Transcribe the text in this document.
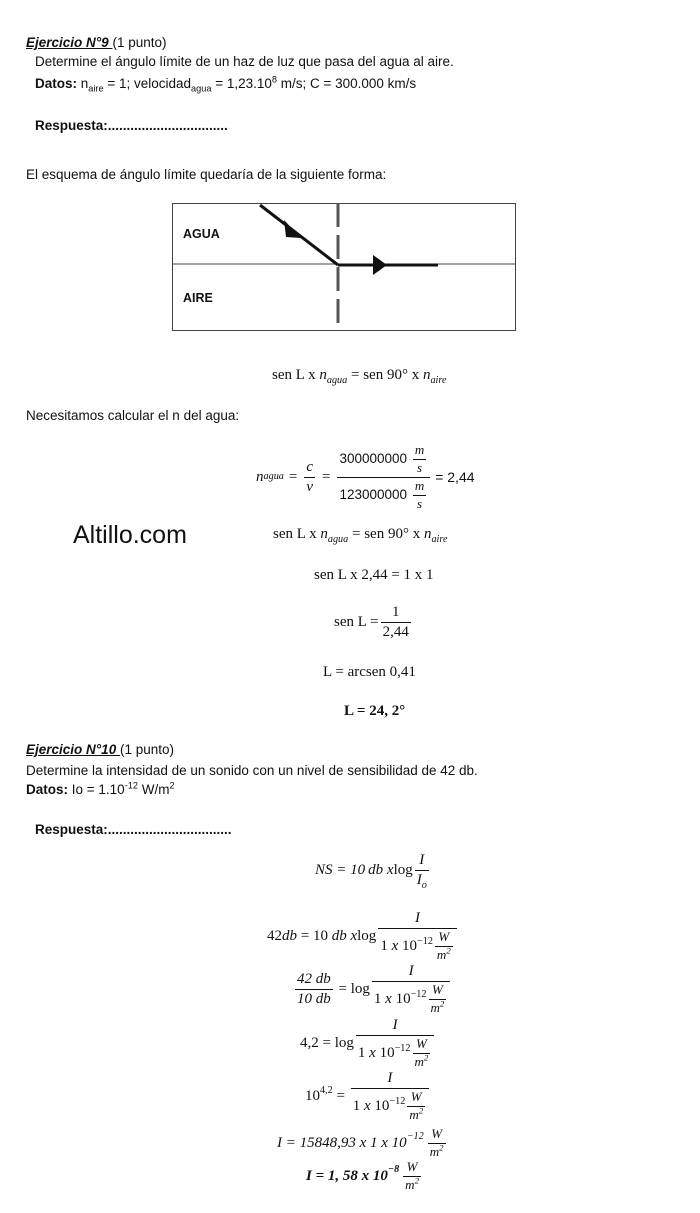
Ejercicio N°9 (1 punto)
Determine el ángulo límite de un haz de luz que pasa del agua al aire.
Datos: $n_{aire} = 1$; velocidad$_{agua}$ = $1,23.10^8$ m/s; C = 300.000 km/s
Respuesta:................................
El esquema de ángulo límite quedaría de la siguiente forma:
AGUA
AIRE
sen L x $n_{agua}$ = sen 90° x $n_{aire}$
Necesitamos calcular el n del agua:
n agua = $\frac{c}{v} = \frac{300000000 \frac{m}{s}}{123000000 \frac{m}{s}} = 2,44$
Altillo.com	sen L x $n_{agua}$ = sen 90° x $n_{aire}$
sen L x 2,44 = 1 x 1
sen $L = \frac{1}{2,44}$
L = arcsen 0,41
L = 24, 2°
Ejercicio N°10 (1 punto)
Determine la intensidad de un sonido con un nivel de sensibilidad de 42 db.
Datos: $Io = 1.10^{-12}$ $W/m^2$
Respuesta:.................................
NS = 10 db x $\log \frac{I}{I_o}$
42 db = 10 db x $\log \frac{I}{1 x 10^{-12} \frac{W}{m^2}}$
$\frac{42 db}{10 db} = \log \frac{I}{1 x 10^{-12} \frac{W}{m^2}}$
$4,2 = \log \frac{I}{1 x 10^{-12} \frac{W}{m^2}}$
$10^{4,2} = \frac{I}{1 x 10^{-12} \frac{W}{m^2}}$
I = 15848,93 x 1 x $10^{-12} \frac{W}{m^2}$
I = 1, 58 x $10^{-8} \frac{W}{m^2}$
